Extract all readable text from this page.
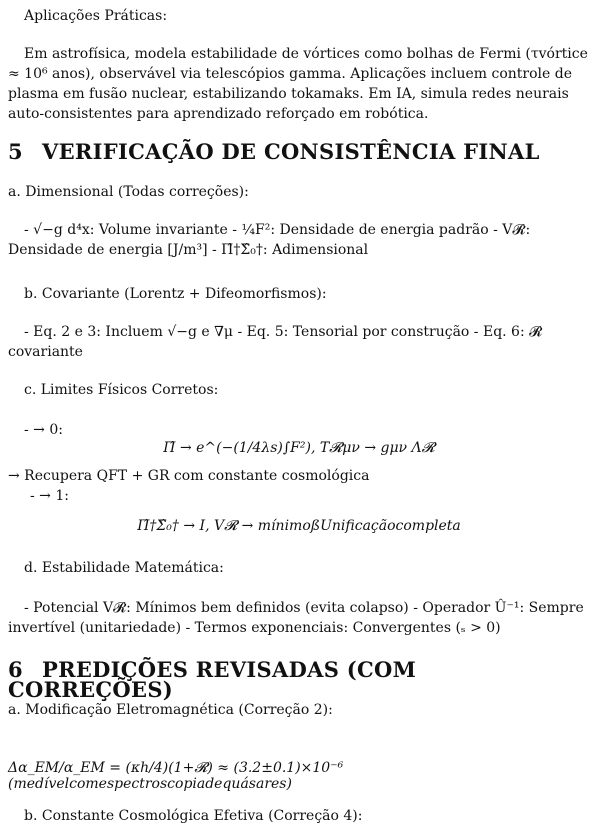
Aplicações Práticas:
Em astrofísica, modela estabilidade de vórtices como bolhas de Fermi (τvórtice ≈ 10⁶ anos), observável via telescópios gamma. Aplicações incluem controle de plasma em fusão nuclear, estabilizando tokamaks. Em IA, simula redes neurais auto-consistentes para aprendizado reforçado em robótica.
5 VERIFICAÇÃO DE CONSISTÊNCIA FINAL
a. Dimensional (Todas correções):
- √−g d⁴x: Volume invariante - ¼F²: Densidade de energia padrão - V𝓡: Densidade de energia [J/m³] - Π̂†Σ̂₀†: Adimensional
b. Covariante (Lorentz + Difeomorfismos):
- Eq. 2 e 3: Incluem √−g e ∇μ - Eq. 5: Tensorial por construção - Eq. 6: 𝓡 covariante
c. Limites Físicos Corretos:
- → 0:
Π̂ → e^(−(1/4λs)∫F²), T𝓡μν → gμν Λ𝓡
→ Recupera QFT + GR com constante cosmológica
- → 1:
Π̂†Σ̂₀† → I, V𝓡 → mínimoßUnificaçãocompleta
d. Estabilidade Matemática:
- Potencial V𝓡: Mínimos bem definidos (evita colapso) - Operador Û⁻¹: Sempre invertível (unitariedade) - Termos exponenciais: Convergentes (ₛ > 0)
6 PREDIÇÕES REVISADAS (COM CORREÇÕES)
a. Modificação Eletromagnética (Correção 2):
Δα_EM/α_EM = (κh/4)(1+𝓡) ≈ (3.2±0.1)×10⁻⁶ (medívelcomespectroscopiadequásares)
b. Constante Cosmológica Efetiva (Correção 4):
